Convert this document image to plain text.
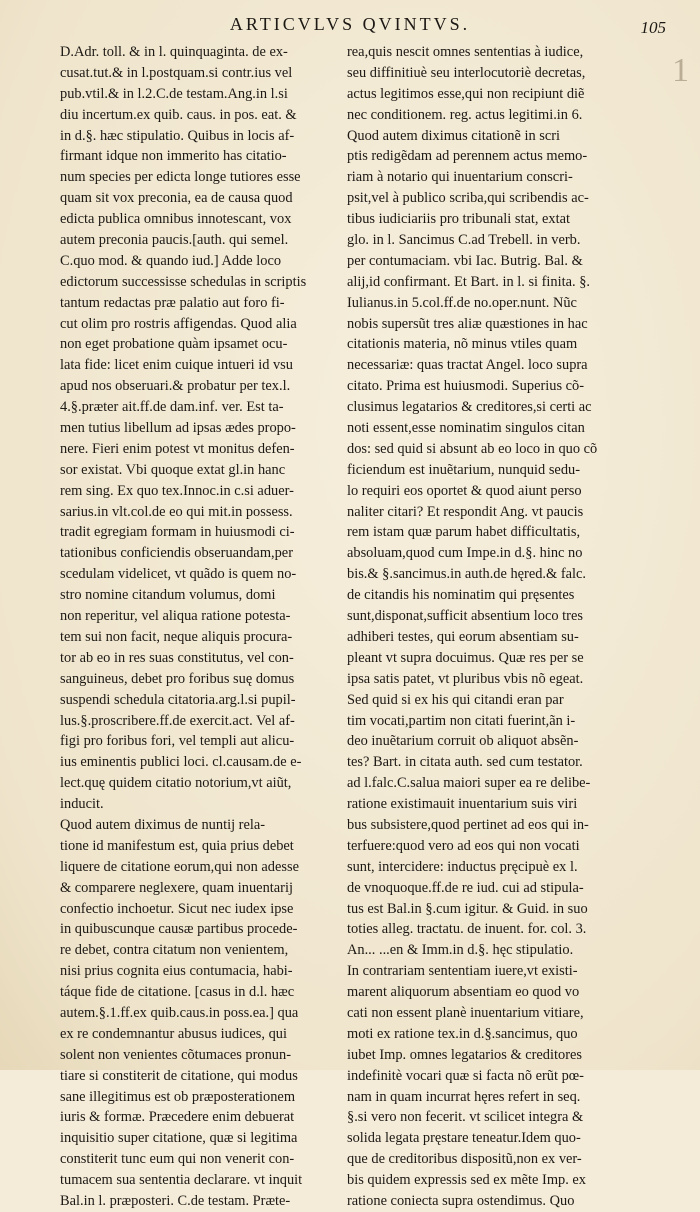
ARTICVLVS QVINTVS.	105
1
D.Adr. toll. & in l. quinquaginta. de ex-
cusat.tut.& in l.postquam.si contr.ius vel
pub.vtil.& in l.2.C.de testam.Ang.in l.si
diu incertum.ex quib. caus. in pos. eat. &
in d.§. hæc stipulatio. Quibus in locis af-
firmant idque non immerito has citatio-
num species per edicta longe tutiores esse
quam sit vox preconia, ea de causa quod
edicta publica omnibus innotescant, vox
autem preconia paucis.[auth. qui semel.
C.quo mod. & quando iud.] Adde loco
edictorum successisse schedulas in scriptis
tantum redactas præ palatio aut foro fi-
cut olim pro rostris affigendas. Quod alia
non eget probatione quàm ipsamet ocu-
lata fide: licet enim cuique intueri id vsu
apud nos obseruari.& probatur per tex.l.
4.§.præter ait.ff.de dam.inf. ver. Est ta-
men tutius libellum ad ipsas ædes propo-
nere. Fieri enim potest vt monitus defen-
sor existat. Vbi quoque extat gl.in hanc
rem sing. Ex quo tex.Innoc.in c.si aduer-
sarius.in vlt.col.de eo qui mit.in possess.
tradit egregiam formam in huiusmodi ci-
tationibus conficiendis obseruandam,per
scedulam videlicet, vt quãdo is quem no-
stro nomine citandum volumus, domi
non reperitur, vel aliqua ratione potesta-
tem sui non facit, neque aliquis procura-
tor ab eo in res suas constitutus, vel con-
sanguineus, debet pro foribus suę domus
suspendi schedula citatoria.arg.l.si pupil-
lus.§.proscribere.ff.de exercit.act. Vel af-
figi pro foribus fori, vel templi aut alicu-
ius eminentis publici loci. cl.causam.de e-
lect.quę quidem citatio notorium,vt aiũt,
inducit.
Quod autem diximus de nuntij rela-
tione id manifestum est, quia prius debet
liquere de citatione eorum,qui non adesse
& comparere neglexere, quam inuentarij
confectio inchoetur. Sicut nec iudex ipse
in quibuscunque causæ partibus procede-
re debet, contra citatum non venientem,
nisi prius cognita eius contumacia, habi-
táque fide de citatione. [casus in d.l. hæc
autem.§.1.ff.ex quib.caus.in poss.ea.] qua
ex re condemnantur abusus iudices, qui
solent non venientes cõtumaces pronun-
tiare si constiterit de citatione, qui modus
sane illegitimus est ob præposterationem
iuris & formæ. Præcedere enim debuerat
inquisitio super citatione, quæ si legitima
constiterit tunc eum qui non venerit con-
tumacem sua sententia declarare. vt inquit
Bal.in l. præposteri. C.de testam. Præte-
rea,quis nescit omnes sententias à iudice,
seu diffinitiuè seu interlocutoriè decretas,
actus legitimos esse,qui non recipiunt diẽ
nec conditionem. reg. actus legitimi.in 6.
Quod autem diximus citationẽ in scri
ptis redigẽdam ad perennem actus memo-
riam à notario qui inuentarium conscri-
psit,vel à publico scriba,qui scribendis ac-
tibus iudiciariis pro tribunali stat, extat
glo. in l. Sancimus C.ad Trebell. in verb.
per contumaciam. vbi Iac. Butrig. Bal. &
alij,id confirmant. Et Bart. in l. si finita. §.
Iulianus.in 5.col.ff.de no.oper.nunt. Nũc
nobis supersũt tres aliæ quæstiones in hac
citationis materia, nõ minus vtiles quam
necessariæ: quas tractat Angel. loco supra
citato. Prima est huiusmodi. Superius cõ-
clusimus legatarios & creditores,si certi ac
noti essent,esse nominatim singulos citan
dos: sed quid si absunt ab eo loco in quo cõ
ficiendum est inuẽtarium, nunquid sedu-
lo requiri eos oportet & quod aiunt perso
naliter citari? Et respondit Ang. vt paucis
rem istam quæ parum habet difficultatis,
absoluam,quod cum Impe.in d.§. hinc no
bis.& §.sancimus.in auth.de hęred.& falc.
de citandis his nominatim qui pręsentes
sunt,disponat,sufficit absentium loco tres
adhiberi testes, qui eorum absentiam su-
pleant vt supra docuimus. Quæ res per se
ipsa satis patet, vt pluribus vbis nõ egeat.
Sed quid si ex his qui citandi eran par
tim vocati,partim non citati fuerint,ãn i-
deo inuẽtarium corruit ob aliquot absẽn-
tes? Bart. in citata auth. sed cum testator.
ad l.falc.C.salua maiori super ea re delibe-
ratione existimauit inuentarium suis viri
bus subsistere,quod pertinet ad eos qui in-
terfuere:quod vero ad eos qui non vocati
sunt, intercidere: inductus pręcipuè ex l.
de vnoquoque.ff.de re iud. cui ad stipula-
tus est Bal.in §.cum igitur. & Guid. in suo
toties alleg. tractatu. de inuent. for. col. 3.
An... ...en & Imm.in d.§. hęc stipulatio.
In contrariam sententiam iuere,vt existi-
marent aliquorum absentiam eo quod vo
cati non essent planè inuentarium vitiare,
moti ex ratione tex.in d.§.sancimus, quo
iubet Imp. omnes legatarios & creditores
indefinitè vocari quæ si facta nõ erũt pœ-
nam in quam incurrat hęres refert in seq.
§.si vero non fecerit. vt scilicet integra &
solida legata pręstare teneatur.Idem quo-
que de creditoribus dispositũ,non ex ver-
bis quidem expressis sed ex mẽte Imp. ex
ratione coniecta supra ostendimus. Quo
